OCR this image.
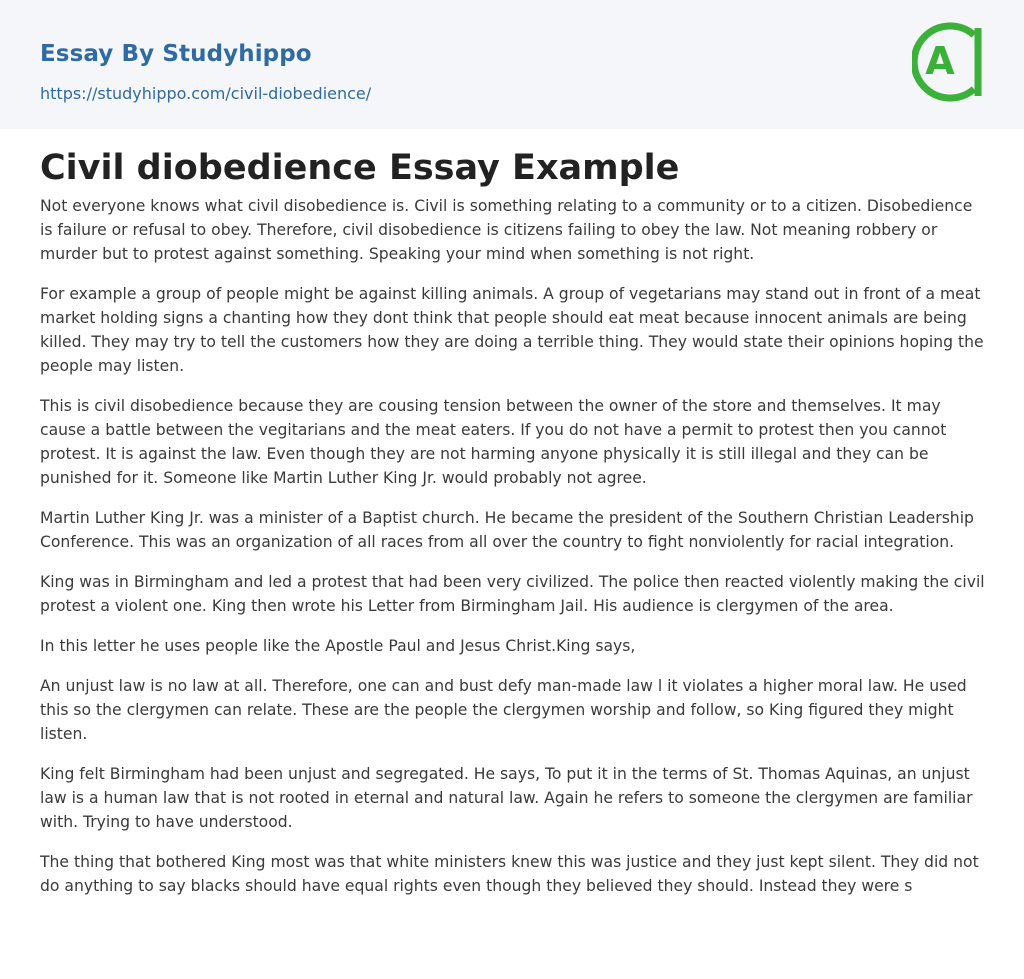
Essay By Studyhippo
https://studyhippo.com/civil-diobedience/
A
Civil diobedience Essay Example

Not everyone knows what civil disobedience is. Civil is something relating to a community or to a citizen. Disobedience is failure or refusal to obey. Therefore, civil disobedience is citizens failing to obey the law. Not meaning robbery or murder but to protest against something. Speaking your mind when something is not right.

For example a group of people might be against killing animals. A group of vegetarians may stand out in front of a meat market holding signs a chanting how they dont think that people should eat meat because innocent animals are being killed. They may try to tell the customers how they are doing a terrible thing. They would state their opinions hoping the people may listen.

This is civil disobedience because they are cousing tension between the owner of the store and themselves. It may cause a battle between the vegitarians and the meat eaters. If you do not have a permit to protest then you cannot protest. It is against the law. Even though they are not harming anyone physically it is still illegal and they can be punished for it. Someone like Martin Luther King Jr. would probably not agree.

Martin Luther King Jr. was a minister of a Baptist church. He became the president of the Southern Christian Leadership Conference. This was an organization of all races from all over the country to fight nonviolently for racial integration.

King was in Birmingham and led a protest that had been very civilized. The police then reacted violently making the civil protest a violent one. King then wrote his Letter from Birmingham Jail. His audience is clergymen of the area.

In this letter he uses people like the Apostle Paul and Jesus Christ.King says,

An unjust law is no law at all. Therefore, one can and bust defy man-made law l it violates a higher moral law. He used this so the clergymen can relate. These are the people the clergymen worship and follow, so King figured they might listen.

King felt Birmingham had been unjust and segregated. He says, To put it in the terms of St. Thomas Aquinas, an unjust law is a human law that is not rooted in eternal and natural law. Again he refers to someone the clergymen are familiar with. Trying to have understood.

The thing that bothered King most was that white ministers knew this was justice and they just kept silent. They did not do anything to say blacks should have equal rights even though they believed they should. Instead they were s
